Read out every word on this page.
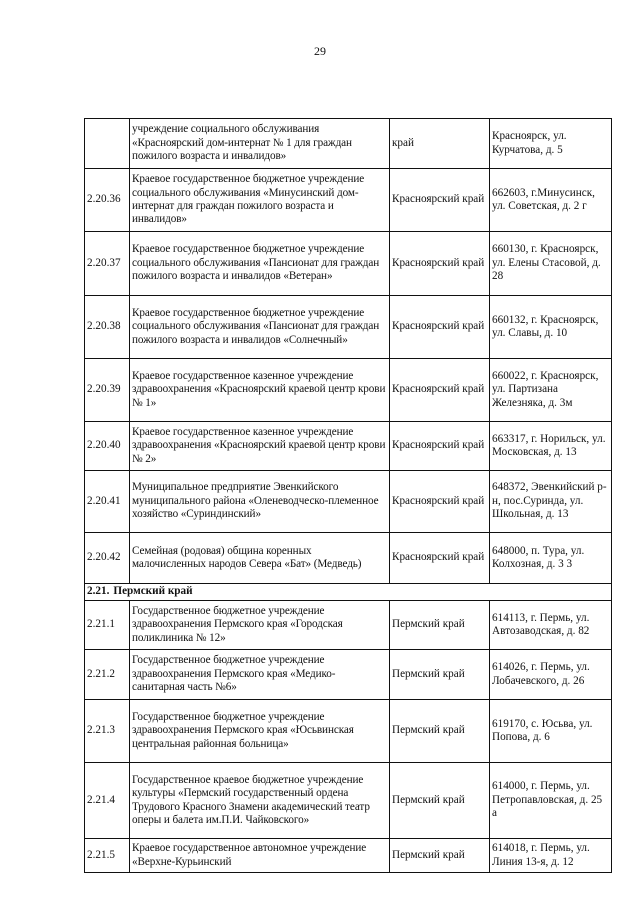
29
	учреждение социального обслуживания «Красноярский дом-интернат № 1 для граждан пожилого возраста и инвалидов»	край	Красноярск, ул. Курчатова, д. 5
2.20.36	Краевое государственное бюджетное учреждение социального обслуживания «Минусинский дом-интернат для граждан пожилого возраста и инвалидов»	Красноярский край	662603, г.Минусинск, ул. Советская, д. 2 г
2.20.37	Краевое государственное бюджетное учреждение социального обслуживания «Пансионат для граждан пожилого возраста и инвалидов «Ветеран»	Красноярский край	660130, г. Красноярск, ул. Елены Стасовой, д. 28
2.20.38	Краевое государственное бюджетное учреждение социального обслуживания «Пансионат для граждан пожилого возраста и инвалидов «Солнечный»	Красноярский край	660132, г. Красноярск, ул. Славы, д. 10
2.20.39	Краевое государственное казенное учреждение здравоохранения «Красноярский краевой центр крови № 1»	Красноярский край	660022, г. Красноярск, ул. Партизана Железняка, д. 3м
2.20.40	Краевое государственное казенное учреждение здравоохранения «Красноярский краевой центр крови № 2»	Красноярский край	663317, г. Норильск, ул. Московская, д. 13
2.20.41	Муниципальное предприятие Эвенкийского муниципального района «Оленеводческо-племенное хозяйство «Суриндинский»	Красноярский край	648372, Эвенкийский р-н, пос.Суринда, ул. Школьная, д. 13
2.20.42	Семейная (родовая) община коренных малочисленных народов Севера «Бат» (Медведь)	Красноярский край	648000, п. Тура, ул. Колхозная, д. 3 3
2.21. Пермский край			
2.21.1	Государственное бюджетное учреждение здравоохранения Пермского края «Городская поликлиника № 12»	Пермский край	614113, г. Пермь, ул. Автозаводская, д. 82
2.21.2	Государственное бюджетное учреждение здравоохранения Пермского края «Медико-санитарная часть №6»	Пермский край	614026, г. Пермь, ул. Лобачевского, д. 26
2.21.3	Государственное бюджетное учреждение здравоохранения Пермского края «Юсьвинская центральная районная больница»	Пермский край	619170, с. Юсьва, ул. Попова, д. 6
2.21.4	Государственное краевое бюджетное учреждение культуры «Пермский государственный ордена Трудового Красного Знамени академический театр оперы и балета им.П.И. Чайковского»	Пермский край	614000, г. Пермь, ул. Петропавловская, д. 25 а
2.21.5	Краевое государственное автономное учреждение «Верхне-Курьинский	Пермский край	614018, г. Пермь, ул. Линия 13-я, д. 12
